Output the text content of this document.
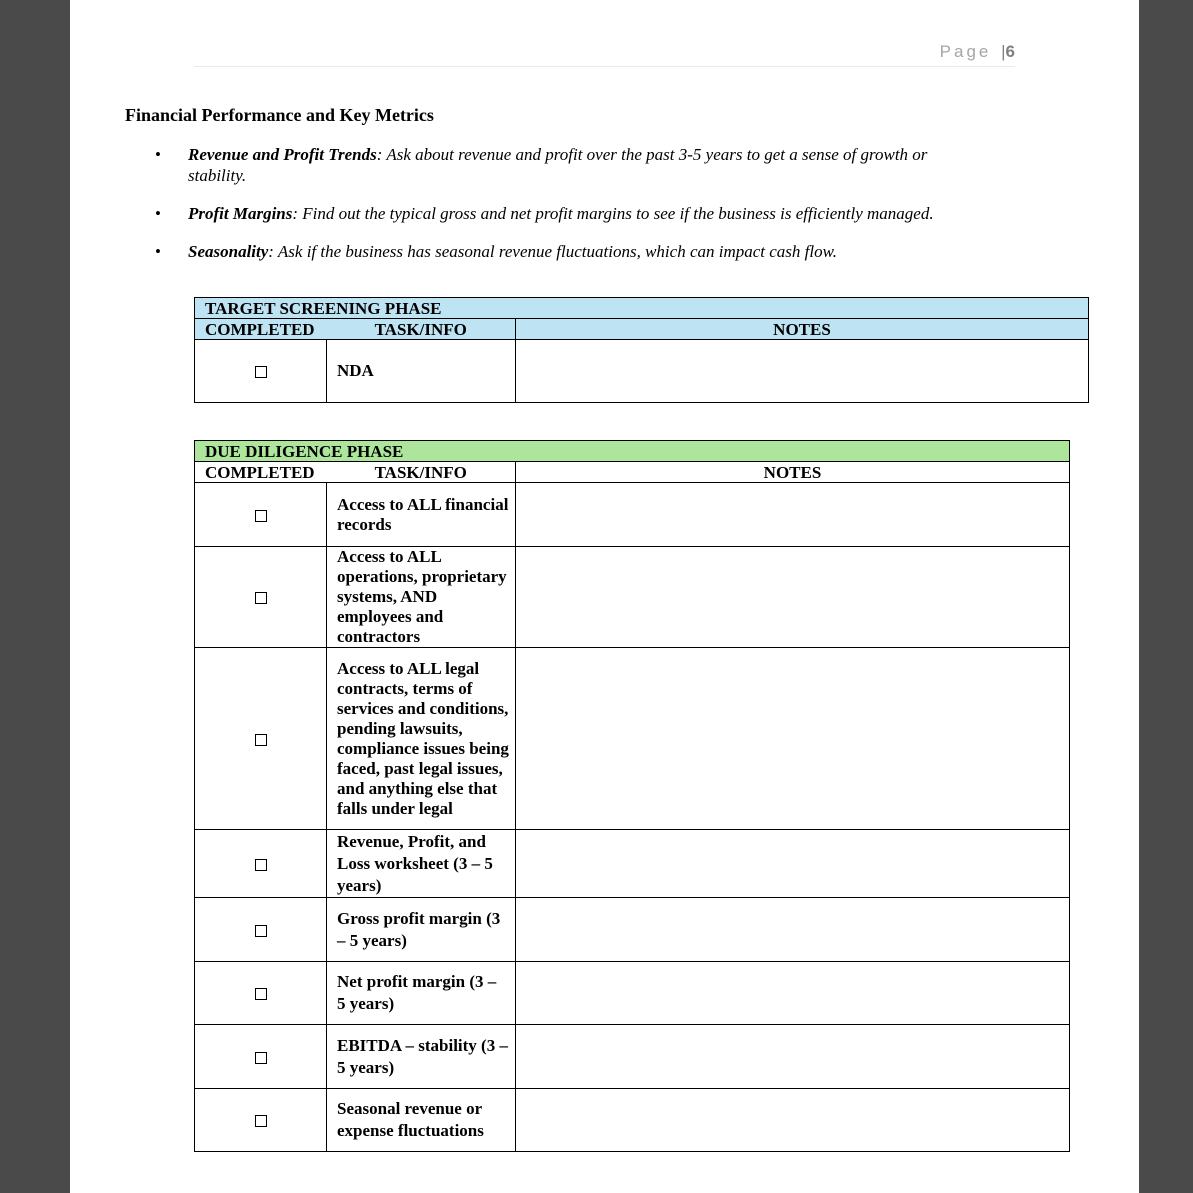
Page |6
Financial Performance and Key Metrics
• Revenue and Profit Trends: Ask about revenue and profit over the past 3-5 years to get a sense of growth or stability.
• Profit Margins: Find out the typical gross and net profit margins to see if the business is efficiently managed.
• Seasonality: Ask if the business has seasonal revenue fluctuations, which can impact cash flow.
TARGET SCREENING PHASE		
COMPLETED	TASK/INFO	NOTES
	NDA	
DUE DILIGENCE PHASE		
COMPLETED	TASK/INFO	NOTES
	Access to ALL financial records	
	Access to ALL operations, proprietary systems, AND employees and contractors	
	Access to ALL legal contracts, terms of services and conditions, pending lawsuits, compliance issues being faced, past legal issues, and anything else that falls under legal	
	Revenue, Profit, and Loss worksheet (3 – 5 years)	
	Gross profit margin (3 – 5 years)	
	Net profit margin (3 – 5 years)	
	EBITDA – stability (3 – 5 years)	
	Seasonal revenue or expense fluctuations	
